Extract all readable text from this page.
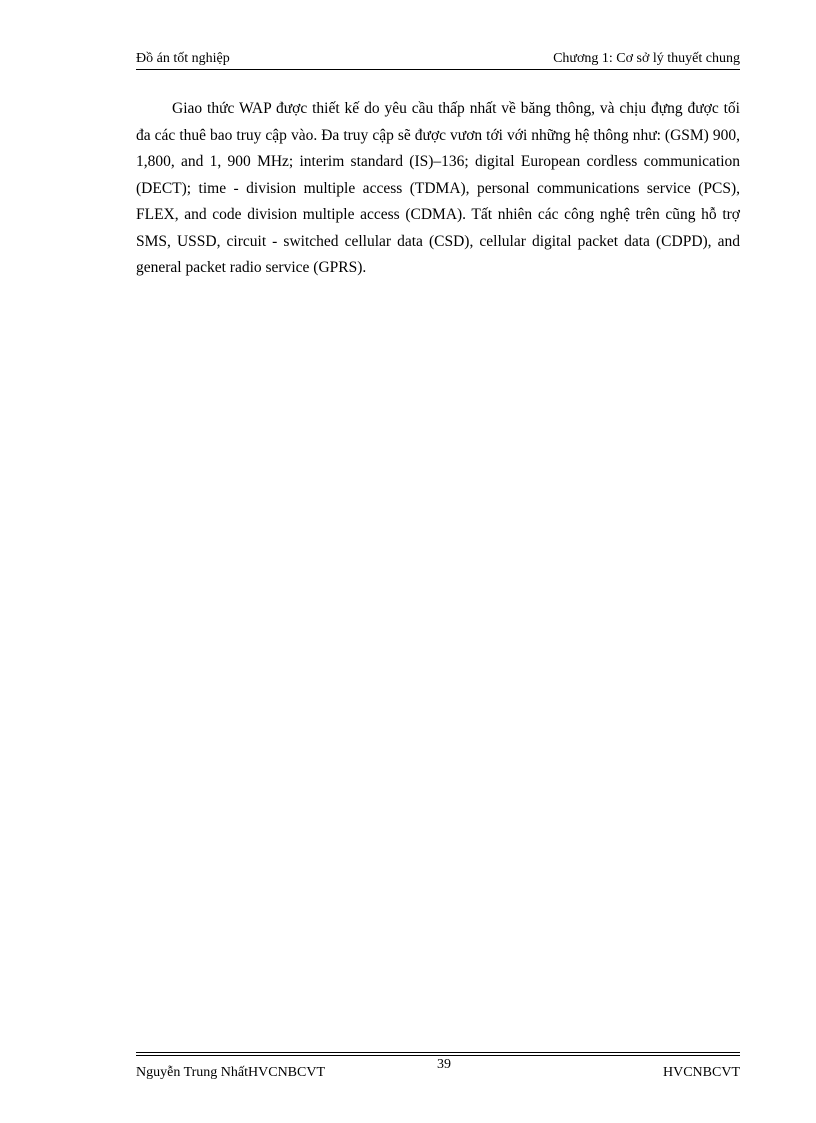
Đồ án tốt nghiệp	Chương 1: Cơ sở lý thuyết chung

Giao thức WAP được thiết kế do yêu cầu thấp nhất về băng thông, và chịu đựng được tối đa các thuê bao truy cập vào. Đa truy cập sẽ được vươn tới với những hệ thông như: (GSM) 900, 1,800, and 1, 900 MHz; interim standard (IS)–136; digital European cordless communication (DECT); time - division multiple access (TDMA), personal communications service (PCS), FLEX, and code division multiple access (CDMA). Tất nhiên các công nghệ trên cũng hỗ trợ SMS, USSD, circuit - switched cellular data (CSD), cellular digital packet data (CDPD), and general packet radio service (GPRS).

Nguyễn Trung NhấtHVCNBCVT
39
HVCNBCVT
